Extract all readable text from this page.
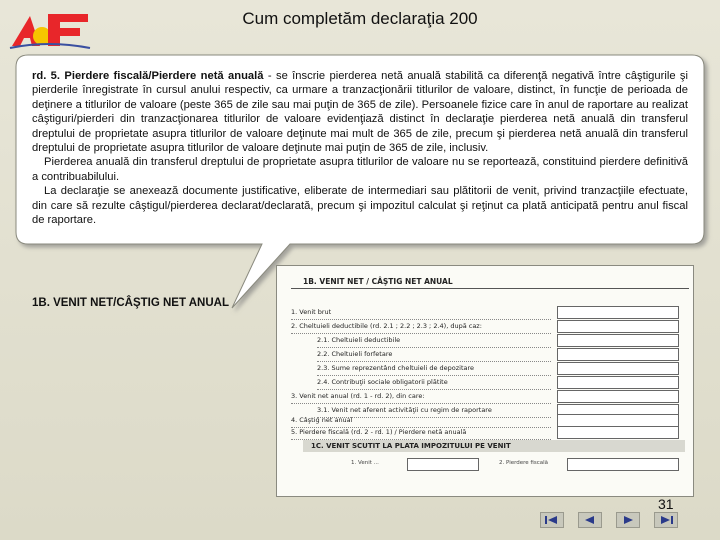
Cum completăm declaraţia 200

rd. 5. Pierdere fiscală/Pierdere netă anuală - se înscrie pierderea netă anuală stabilită ca diferenţă negativă între câştigurile şi pierderile înregistrate în cursul anului respectiv, ca urmare a tranzacţionării titlurilor de valoare, distinct, în funcţie de perioada de deţinere a titlurilor de valoare (peste 365 de zile sau mai puţin de 365 de zile). Persoanele fizice care în anul de raportare au realizat câştiguri/pierderi din tranzacţionarea titlurilor de valoare evidenţiază distinct în declaraţie pierderea netă anuală din transferul dreptului de proprietate asupra titlurilor de valoare deţinute mai mult de 365 de zile, precum şi pierderea netă anuală din transferul dreptului de proprietate asupra titlurilor de valoare deţinute mai puţin de 365 de zile, inclusiv.

Pierderea anuală din transferul dreptului de proprietate asupra titlurilor de valoare nu se reportează, constituind pierdere definitivă a contribuabilului.

La declaraţie se anexează documente justificative, eliberate de intermediari sau plătitorii de venit, privind tranzacţiile efectuate, din care să rezulte câştigul/pierderea declarat/declarată, precum şi impozitul calculat şi reţinut ca plată anticipată pentru anul fiscal de raportare.

1B. VENIT NET/CÂŞTIG NET ANUAL
1B. VENIT NET / CÂŞTIG NET ANUAL
1. Venit brut
2. Cheltuieli deductibile (rd. 2.1 ; 2.2 ; 2.3 ; 2.4), după caz:
2.1. Cheltuieli deductibile
2.2. Cheltuieli forfetare
2.3. Sume reprezentând cheltuieli de depozitare
2.4. Contribuţii sociale obligatorii plătite
3. Venit net anual (rd. 1 - rd. 2), din care:
3.1. Venit net aferent activităţii cu regim de raportare
4. Câştig net anual
5. Pierdere fiscală (rd. 2 - rd. 1) / Pierdere netă anuală
1C. VENIT SCUTIT LA PLATA IMPOZITULUI PE VENIT
1. Venit ...	2. Pierdere fiscală
31
